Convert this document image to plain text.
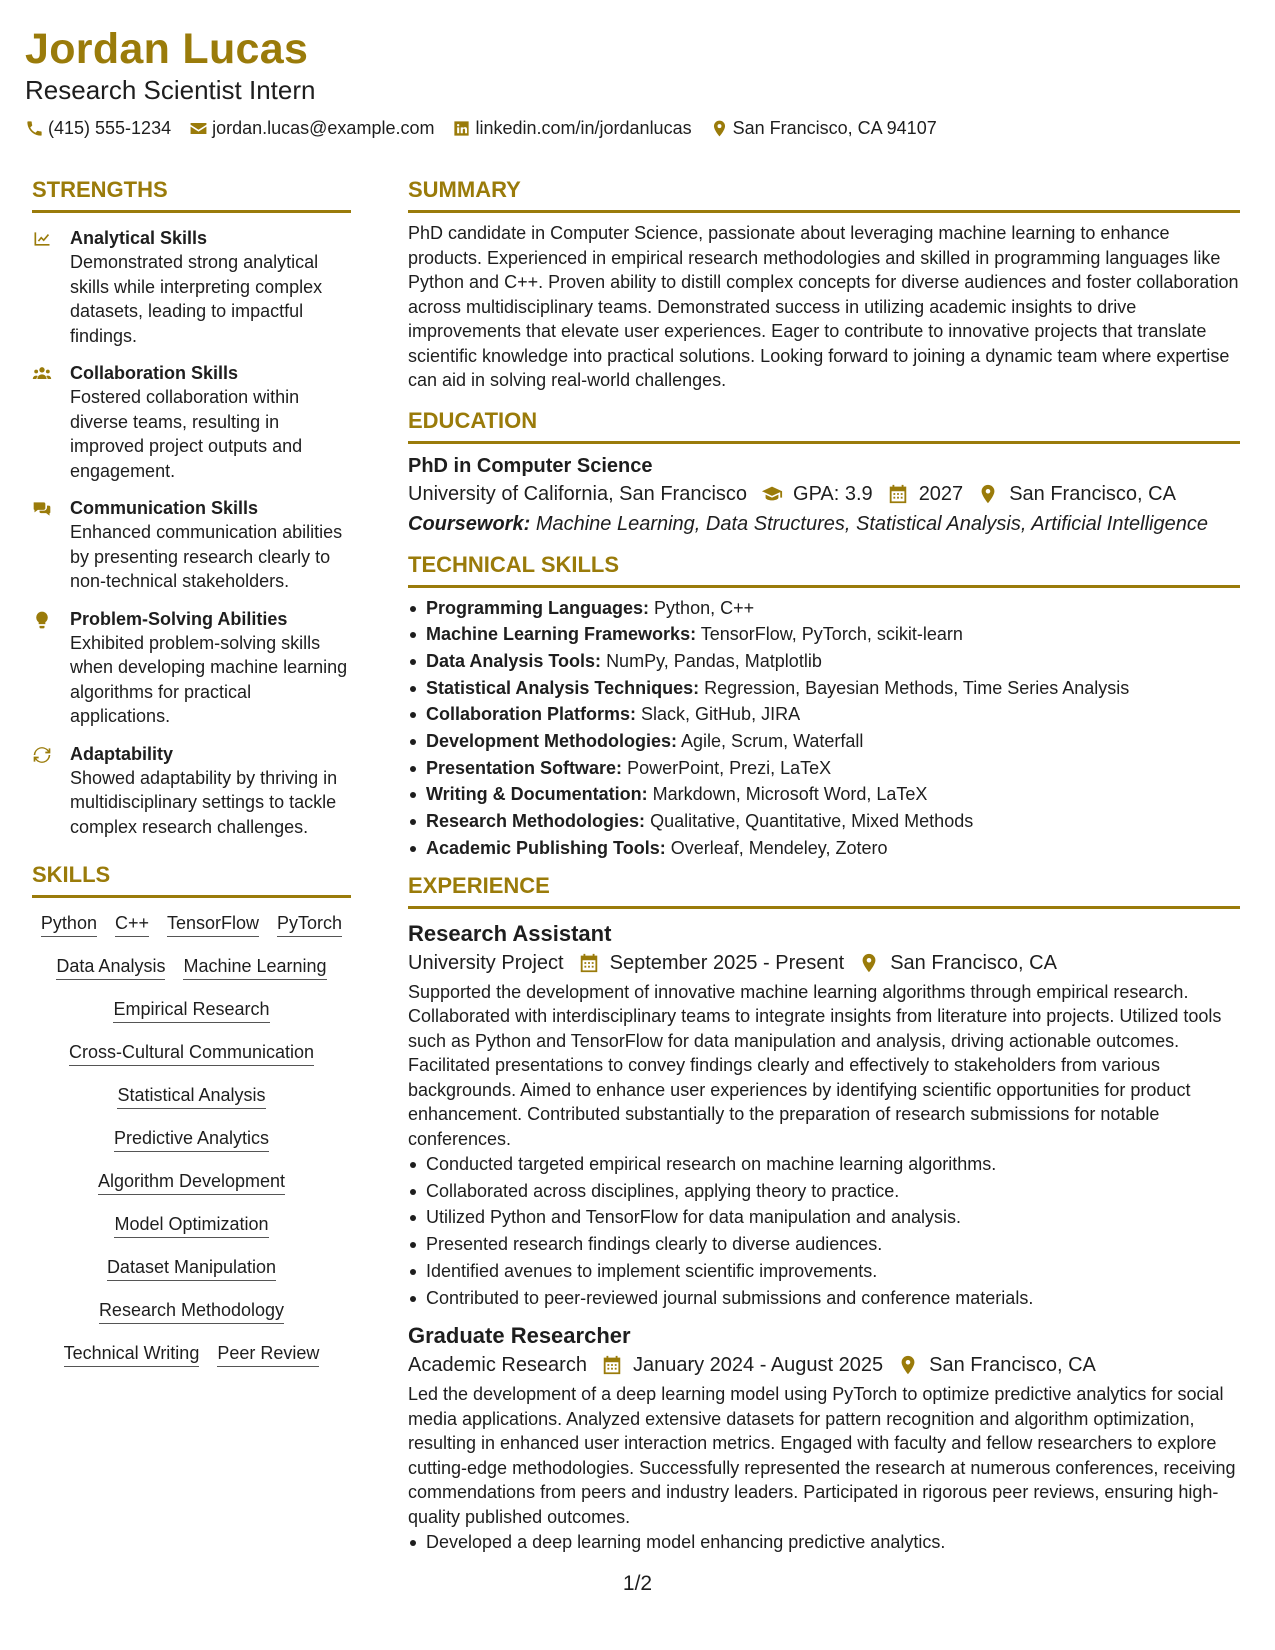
Jordan Lucas
Research Scientist Intern
(415) 555-1234 jordan.lucas@example.com linkedin.com/in/jordanlucas San Francisco, CA 94107
STRENGTHS
Analytical Skills
Demonstrated strong analytical skills while interpreting complex datasets, leading to impactful findings.
Collaboration Skills
Fostered collaboration within diverse teams, resulting in improved project outputs and engagement.
Communication Skills
Enhanced communication abilities by presenting research clearly to non-technical stakeholders.
Problem-Solving Abilities
Exhibited problem-solving skills when developing machine learning algorithms for practical applications.
Adaptability
Showed adaptability by thriving in multidisciplinary settings to tackle complex research challenges.
SKILLS
Python C++ TensorFlow PyTorch
Data Analysis Machine Learning
Empirical Research
Cross-Cultural Communication
Statistical Analysis
Predictive Analytics
Algorithm Development
Model Optimization
Dataset Manipulation
Research Methodology
Technical Writing Peer Review
SUMMARY
PhD candidate in Computer Science, passionate about leveraging machine learning to enhance products. Experienced in empirical research methodologies and skilled in programming languages like Python and C++. Proven ability to distill complex concepts for diverse audiences and foster collaboration across multidisciplinary teams. Demonstrated success in utilizing academic insights to drive improvements that elevate user experiences. Eager to contribute to innovative projects that translate scientific knowledge into practical solutions. Looking forward to joining a dynamic team where expertise can aid in solving real-world challenges.
EDUCATION
PhD in Computer Science
University of California, San Francisco GPA: 3.9 2027 San Francisco, CA
Coursework: Machine Learning, Data Structures, Statistical Analysis, Artificial Intelligence
TECHNICAL SKILLS
Programming Languages: Python, C++
Machine Learning Frameworks: TensorFlow, PyTorch, scikit-learn
Data Analysis Tools: NumPy, Pandas, Matplotlib
Statistical Analysis Techniques: Regression, Bayesian Methods, Time Series Analysis
Collaboration Platforms: Slack, GitHub, JIRA
Development Methodologies: Agile, Scrum, Waterfall
Presentation Software: PowerPoint, Prezi, LaTeX
Writing & Documentation: Markdown, Microsoft Word, LaTeX
Research Methodologies: Qualitative, Quantitative, Mixed Methods
Academic Publishing Tools: Overleaf, Mendeley, Zotero
EXPERIENCE
Research Assistant
University Project September 2025 - Present San Francisco, CA
Supported the development of innovative machine learning algorithms through empirical research. Collaborated with interdisciplinary teams to integrate insights from literature into projects. Utilized tools such as Python and TensorFlow for data manipulation and analysis, driving actionable outcomes. Facilitated presentations to convey findings clearly and effectively to stakeholders from various backgrounds. Aimed to enhance user experiences by identifying scientific opportunities for product enhancement. Contributed substantially to the preparation of research submissions for notable conferences.
Conducted targeted empirical research on machine learning algorithms.
Collaborated across disciplines, applying theory to practice.
Utilized Python and TensorFlow for data manipulation and analysis.
Presented research findings clearly to diverse audiences.
Identified avenues to implement scientific improvements.
Contributed to peer-reviewed journal submissions and conference materials.
Graduate Researcher
Academic Research January 2024 - August 2025 San Francisco, CA
Led the development of a deep learning model using PyTorch to optimize predictive analytics for social media applications. Analyzed extensive datasets for pattern recognition and algorithm optimization, resulting in enhanced user interaction metrics. Engaged with faculty and fellow researchers to explore cutting-edge methodologies. Successfully represented the research at numerous conferences, receiving commendations from peers and industry leaders. Participated in rigorous peer reviews, ensuring high-quality published outcomes.
Developed a deep learning model enhancing predictive analytics.
1/2
